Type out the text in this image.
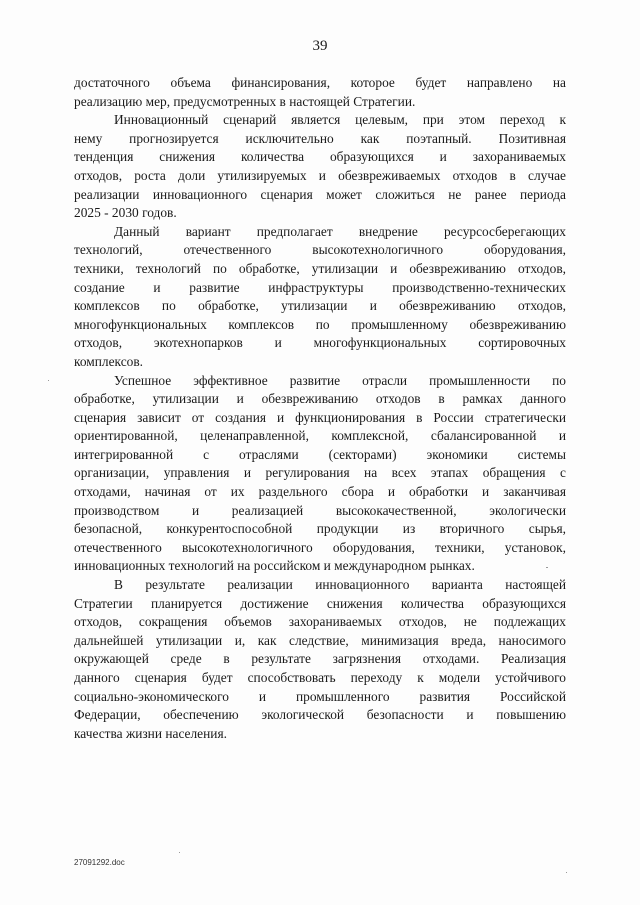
39
достаточного объема финансирования, которое будет направлено на
реализацию мер, предусмотренных в настоящей Стратегии.
Инновационный сценарий является целевым, при этом переход к
нему прогнозируется исключительно как поэтапный. Позитивная
тенденция снижения количества образующихся и захораниваемых
отходов, роста доли утилизируемых и обезвреживаемых отходов в случае
реализации инновационного сценария может сложиться не ранее периода
2025 - 2030 годов.
Данный вариант предполагает внедрение ресурсосберегающих
технологий, отечественного высокотехнологичного оборудования,
техники, технологий по обработке, утилизации и обезвреживанию отходов,
создание и развитие инфраструктуры производственно-технических
комплексов по обработке, утилизации и обезвреживанию отходов,
многофункциональных комплексов по промышленному обезвреживанию
отходов, экотехнопарков и многофункциональных сортировочных
комплексов.
Успешное эффективное развитие отрасли промышленности по
обработке, утилизации и обезвреживанию отходов в рамках данного
сценария зависит от создания и функционирования в России стратегически
ориентированной, целенаправленной, комплексной, сбалансированной и
интегрированной с отраслями (секторами) экономики системы
организации, управления и регулирования на всех этапах обращения с
отходами, начиная от их раздельного сбора и обработки и заканчивая
производством и реализацией высококачественной, экологически
безопасной, конкурентоспособной продукции из вторичного сырья,
отечественного высокотехнологичного оборудования, техники, установок,
инновационных технологий на российском и международном рынках.
В результате реализации инновационного варианта настоящей
Стратегии планируется достижение снижения количества образующихся
отходов, сокращения объемов захораниваемых отходов, не подлежащих
дальнейшей утилизации и, как следствие, минимизация вреда, наносимого
окружающей среде в результате загрязнения отходами. Реализация
данного сценария будет способствовать переходу к модели устойчивого
социально-экономического и промышленного развития Российской
Федерации, обеспечению экологической безопасности и повышению
качества жизни населения.
27091292.doc
